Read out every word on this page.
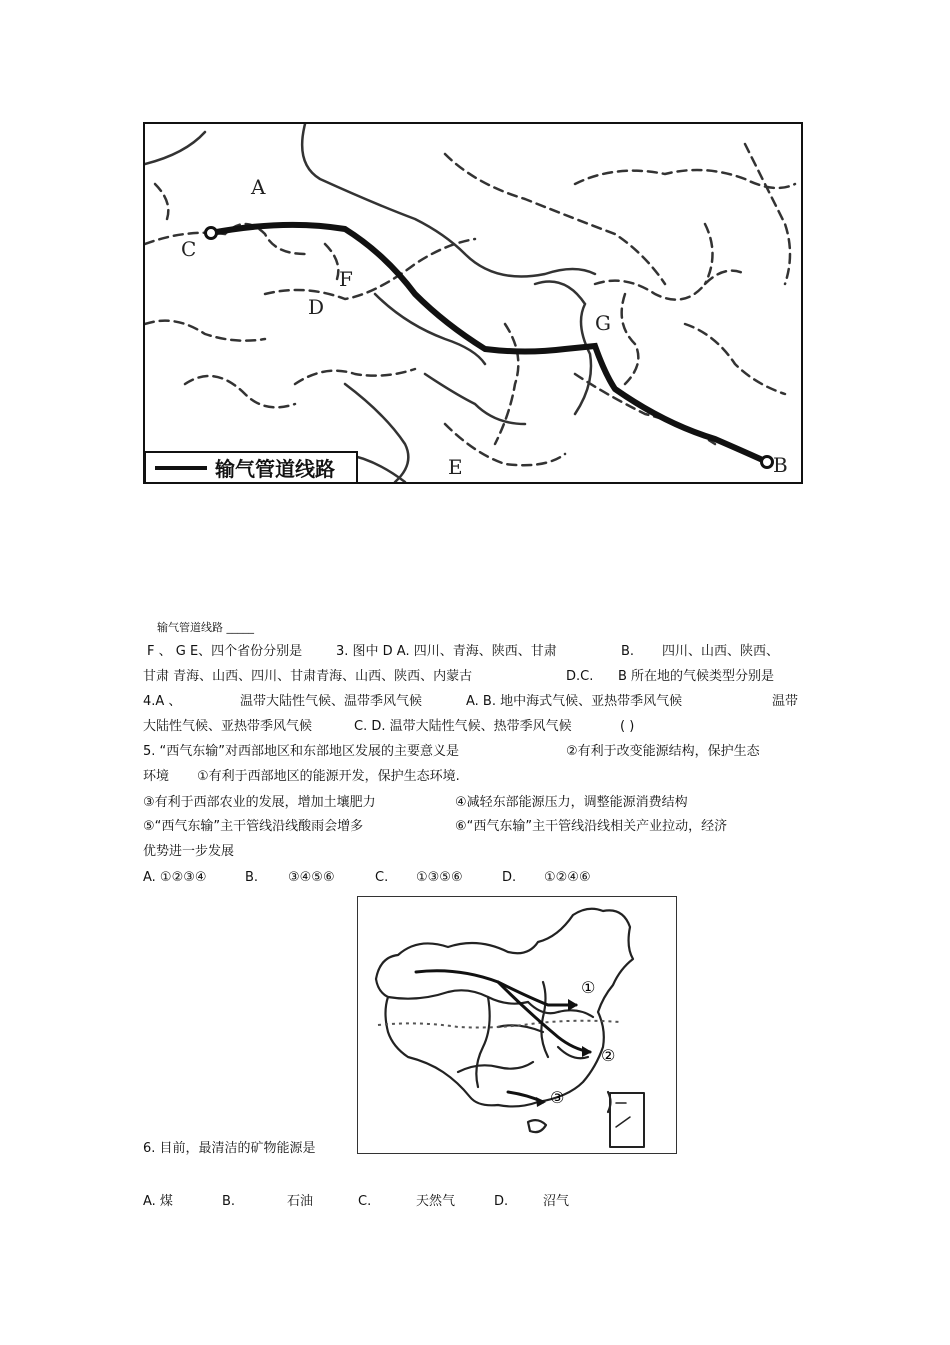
A
C
F
D
G
E	B
输气管道线路
输气管道线路 _____
F 、 G E、四个省份分别是	3. 图中 D A. 四川、青海、陕西、甘肃	B. 四川、山西、陕西、
甘肃 青海、山西、四川、甘肃青海、山西、陕西、内蒙古	D.C. B 所在地的气候类型分别是
4.A 、	温带大陆性气候、温带季风气候	A. B. 地中海式气候、亚热带季风气候	温带
大陆性气候、亚热带季风气候	C. D. 温带大陆性气候、热带季风气候	( )
5. “西气东输”对西部地区和东部地区发展的主要意义是	②有利于改变能源结构，保护生态
环境 ①有利于西部地区的能源开发，保护生态环境.
③有利于西部农业的发展，增加土壤肥力	④减轻东部能源压力，调整能源消费结构
⑤“西气东输”主干管线沿线酸雨会增多	⑥“西气东输”主干管线沿线相关产业拉动，经济
优势进一步发展
A. ①②③④	B. ③④⑤⑥	C. ①③⑤⑥	D. ①②④⑥
①
②
③
6. 目前，最清洁的矿物能源是
A. 煤	B.	石油	C.	天然气	D.	沼气
